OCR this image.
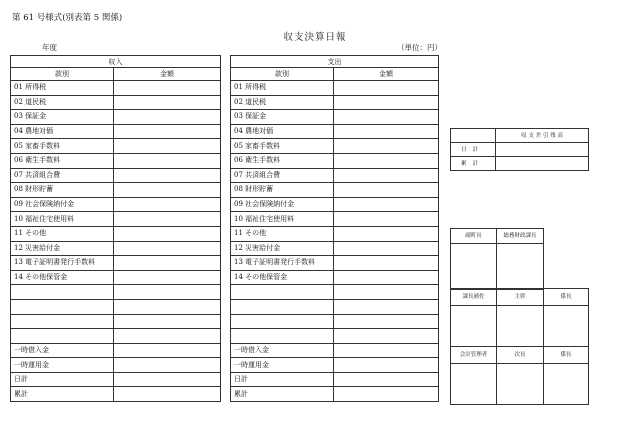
第 61 号様式(別表第 5 関係)
収支決算日報
年度	（単位：円）
収入			支出	
款別	金額		款別	金額
01 所得税			01 所得税	
02 道民税			02 道民税	
03 保証金			03 保証金	
04 農地対価			04 農地対価	
05 家畜手数料			05 家畜手数料	
06 衛生手数料			06 衛生手数料	
07 共済組合費			07 共済組合費	
08 財形貯蓄			08 財形貯蓄	
09 社会保険納付金			09 社会保険納付金	
10 福祉住宅使用料			10 福祉住宅使用料	
11 その他			11 その他	
12 災害給付金			12 災害給付金	
13 電子証明書発行手数料			13 電子証明書発行手数料	
14 その他保管金			14 その他保管金	

一時借入金			一時借入金	
一時運用金			一時運用金	
日計			日計	
累計			累計	
	収 支 差 引 残 高
日計	
累計	
副町長	総務財政課長

課長補佐	主幹	係長

会計管理者	次長	係長
